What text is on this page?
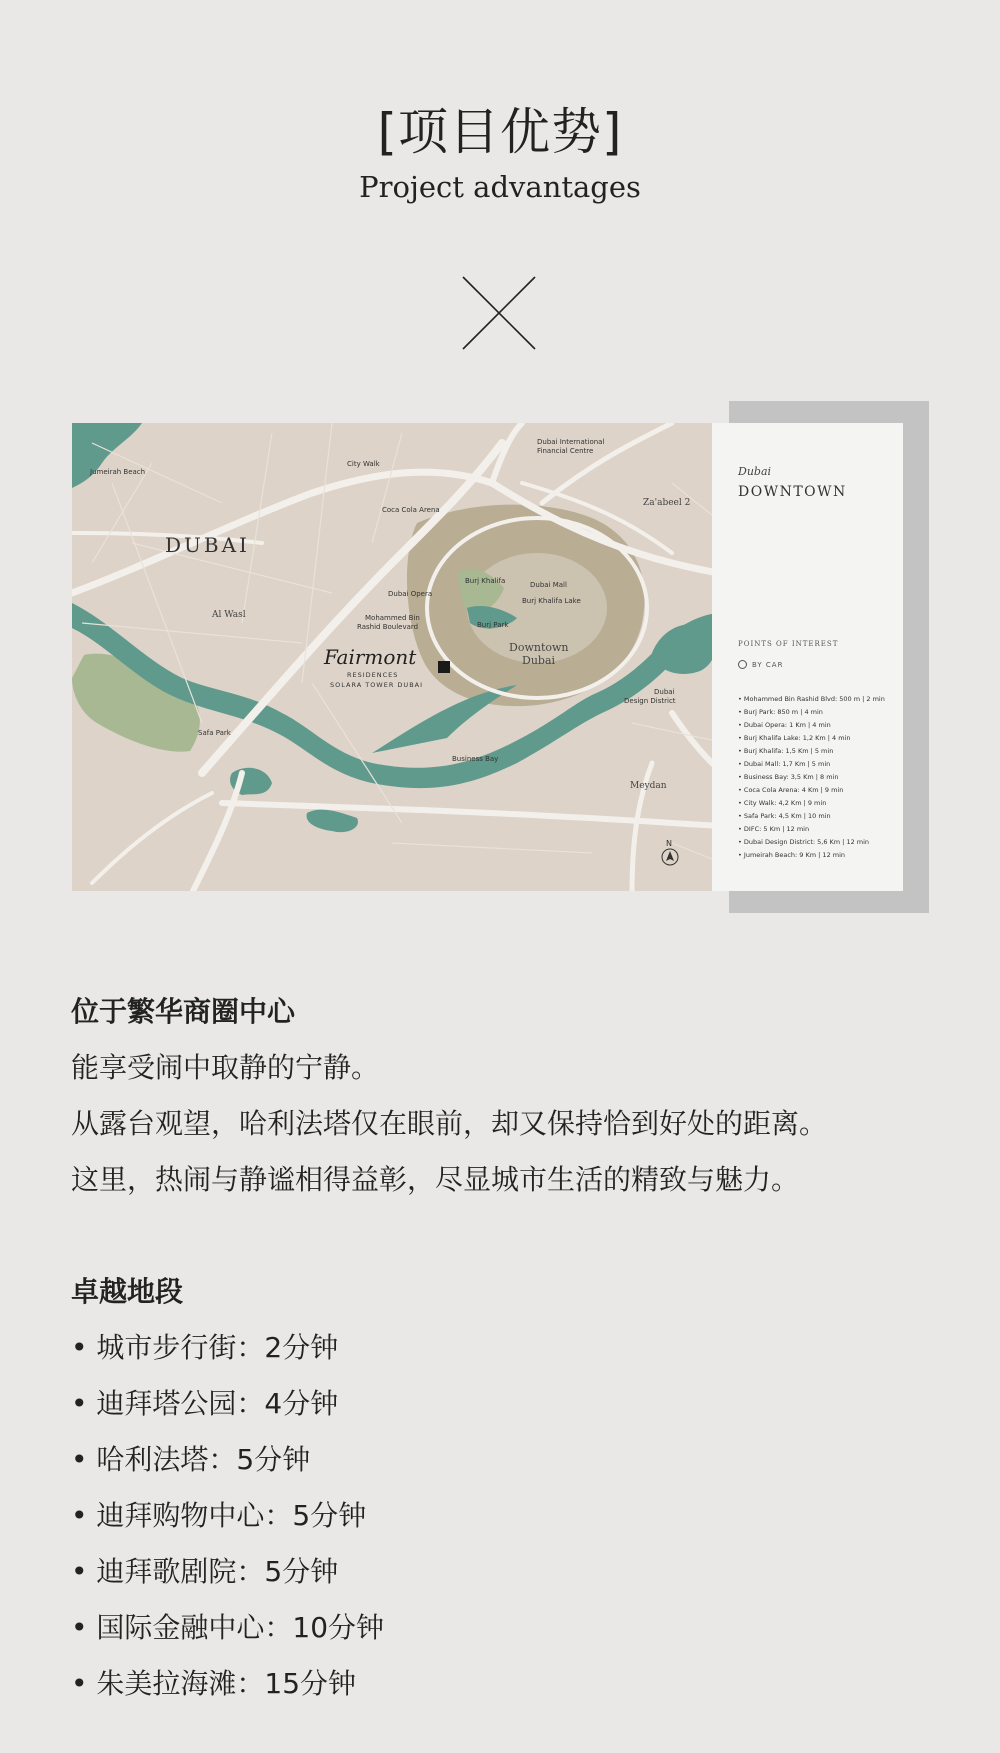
[项目优势]
Project advantages
Jumeirah Beach
City Walk
Coca Cola Arena
Dubai International
Financial Centre
Za'abeel 2
DUBAI
Al Wasl
Dubai Opera
Burj Khalifa	Dubai Mall
Burj Khalifa Lake
Burj Park
Mohammed Bin
Rashid Boulevard
Downtown
Dubai
Dubai
Design District
Safa Park
Business Bay
Meydan
Fairmont
RESIDENCES
SOLARA TOWER DUBAI
N
Dubai
DOWNTOWN
POINTS OF INTEREST
BY CAR
• Mohammed Bin Rashid Blvd: 500 m | 2 min
• Burj Park: 850 m | 4 min
• Dubai Opera: 1 Km | 4 min
• Burj Khalifa Lake: 1,2 Km | 4 min
• Burj Khalifa: 1,5 Km | 5 min
• Dubai Mall: 1,7 Km | 5 min
• Business Bay: 3,5 Km | 8 min
• Coca Cola Arena: 4 Km | 9 min
• City Walk: 4,2 Km | 9 min
• Safa Park: 4,5 Km | 10 min
• DIFC: 5 Km | 12 min
• Dubai Design District: 5,6 Km | 12 min
• Jumeirah Beach: 9 Km | 12 min
位于繁华商圈中心
能享受闹中取静的宁静。
从露台观望，哈利法塔仅在眼前，却又保持恰到好处的距离。
这里，热闹与静谧相得益彰，尽显城市生活的精致与魅力。
卓越地段
• 城市步行街：2分钟
• 迪拜塔公园：4分钟
• 哈利法塔：5分钟
• 迪拜购物中心：5分钟
• 迪拜歌剧院：5分钟
• 国际金融中心：10分钟
• 朱美拉海滩：15分钟
